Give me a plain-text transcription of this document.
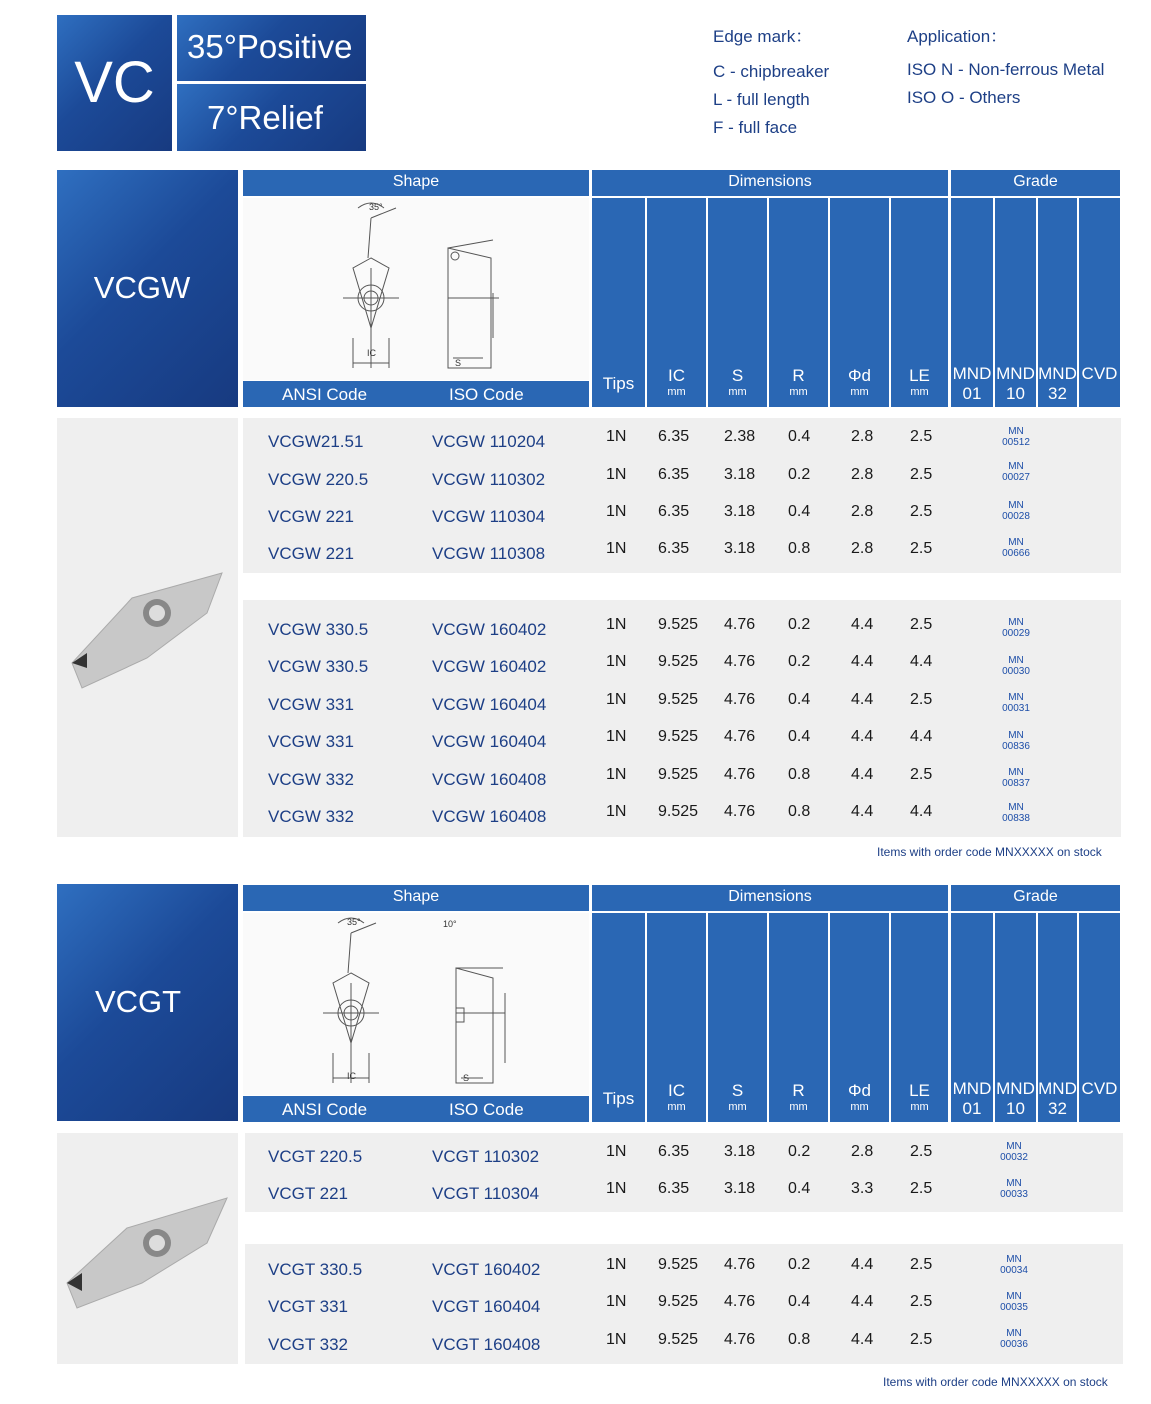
VC
35°Positive
7°Relief
Edge mark：
C - chipbreaker
L - full length
F - full face
Application：
ISO N - Non-ferrous Metal
ISO O - Others
VCGW
Shape	Dimensions	Grade
35°
IC
S
ANSI Code	ISO Code
Tips	IC
mm
S
mm
R
mm
Φd
mm
LE
mm
MND
01
MND
10
MND
32
CVD
VCGW21.51	VCGW 110204	1N 6.35 2.38 0.4	2.8 2.5	MN
00512
VCGW 220.5	VCGW 110302	1N 6.35 3.18 0.2	2.8 2.5	MN
00027
VCGW 221	VCGW 110304	1N 6.35 3.18 0.4	2.8 2.5	MN
00028
VCGW 221	VCGW 110308	1N 6.35 3.18 0.8	2.8 2.5	MN
00666
VCGW 330.5	VCGW 160402	1N 9.525 4.76 0.2	4.4 2.5	MN
00029
VCGW 330.5	VCGW 160402	1N 9.525 4.76 0.2	4.4 4.4	MN
00030
VCGW 331	VCGW 160404	1N 9.525 4.76 0.4	4.4 2.5	MN
00031
VCGW 331	VCGW 160404	1N 9.525 4.76 0.4	4.4 4.4	MN
00836
VCGW 332	VCGW 160408	1N 9.525 4.76 0.8	4.4 2.5	MN
00837
VCGW 332	VCGW 160408	1N 9.525 4.76 0.8	4.4 4.4	MN
00838
Items with order code MNXXXXX on stock
VCGT
Shape	Dimensions	Grade
35°	10°
IC	S
ANSI Code	ISO Code
Tips	IC
mm
S
mm
R
mm
Φd
mm
LE
mm
MND
01
MND
10
MND
32
CVD
VCGT 220.5	VCGT 110302	1N 6.35 3.18 0.2	2.8 2.5	MN
00032
VCGT 221	VCGT 110304	1N 6.35 3.18 0.4	3.3 2.5	MN
00033
VCGT 330.5	VCGT 160402	1N 9.525 4.76 0.2	4.4 2.5	MN
00034
VCGT 331	VCGT 160404	1N 9.525 4.76 0.4	4.4 2.5	MN
00035
VCGT 332	VCGT 160408	1N 9.525 4.76 0.8	4.4 2.5	MN
00036
Items with order code MNXXXXX on stock
